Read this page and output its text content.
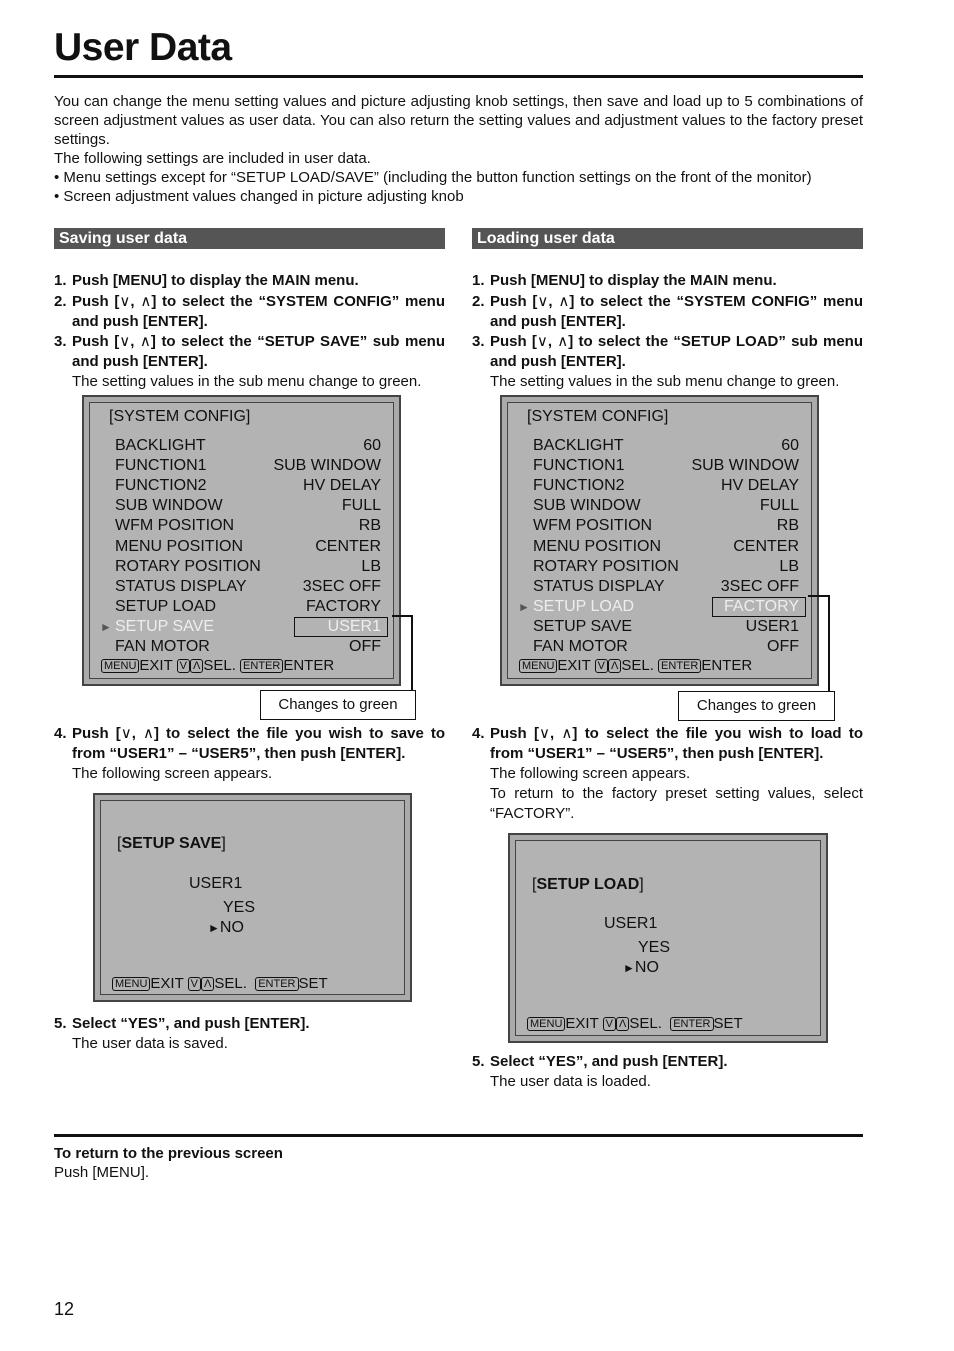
User Data

You can change the menu setting values and picture adjusting knob settings, then save and load up to 5 combinations of screen adjustment values as user data. You can also return the setting values and adjustment values to the factory preset settings.

The following settings are included in user data.

• Menu settings except for “SETUP LOAD/SAVE” (including the button function settings on the front of the monitor)

• Screen adjustment values changed in picture adjusting knob

Saving user data
1. Push [MENU] to display the MAIN menu.
2. Push [∨, ∧] to select the “SYSTEM CONFIG” menu and push [ENTER].
3. Push [∨, ∧] to select the “SETUP SAVE” sub menu and push [ENTER].
The setting values in the sub menu change to green.
[SYSTEM CONFIG]
BACKLIGHT	60
FUNCTION1	SUB WINDOW
FUNCTION2	HV DELAY
SUB WINDOW	FULL
WFM POSITION	RB
MENU POSITION	CENTER
ROTARY POSITION	LB
STATUS DISPLAY	3SEC OFF
SETUP LOAD	FACTORY
SETUP SAVE	USER1
►
FAN MOTOR	OFF
MENU EXIT V Λ SEL. ENTER ENTER
Changes to green
4. Push [∨, ∧] to select the file you wish to save to from “USER1” – “USER5”, then push [ENTER].
The following screen appears.
[SETUP SAVE]
USER1
YES
►NO
MENU EXIT V Λ SEL. ENTER SET
5. Select “YES”, and push [ENTER].
The user data is saved.
Loading user data
1. Push [MENU] to display the MAIN menu.
2. Push [∨, ∧] to select the “SYSTEM CONFIG” menu and push [ENTER].
3. Push [∨, ∧] to select the “SETUP LOAD” sub menu and push [ENTER].
The setting values in the sub menu change to green.
[SYSTEM CONFIG]
BACKLIGHT	60
FUNCTION1	SUB WINDOW
FUNCTION2	HV DELAY
SUB WINDOW	FULL
WFM POSITION	RB
MENU POSITION	CENTER
ROTARY POSITION	LB
STATUS DISPLAY	3SEC OFF
SETUP LOAD	FACTORY
►
SETUP SAVE	USER1
FAN MOTOR	OFF
MENU EXIT V Λ SEL. ENTER ENTER
Changes to green
4. Push [∨, ∧] to select the file you wish to load to from “USER1” – “USER5”, then push [ENTER].
The following screen appears.
To return to the factory preset setting values, select “FACTORY”.
[SETUP LOAD]
USER1
YES
►NO
MENU EXIT V Λ SEL. ENTER SET
5. Select “YES”, and push [ENTER].
The user data is loaded.
To return to the previous screen
Push [MENU].
12
